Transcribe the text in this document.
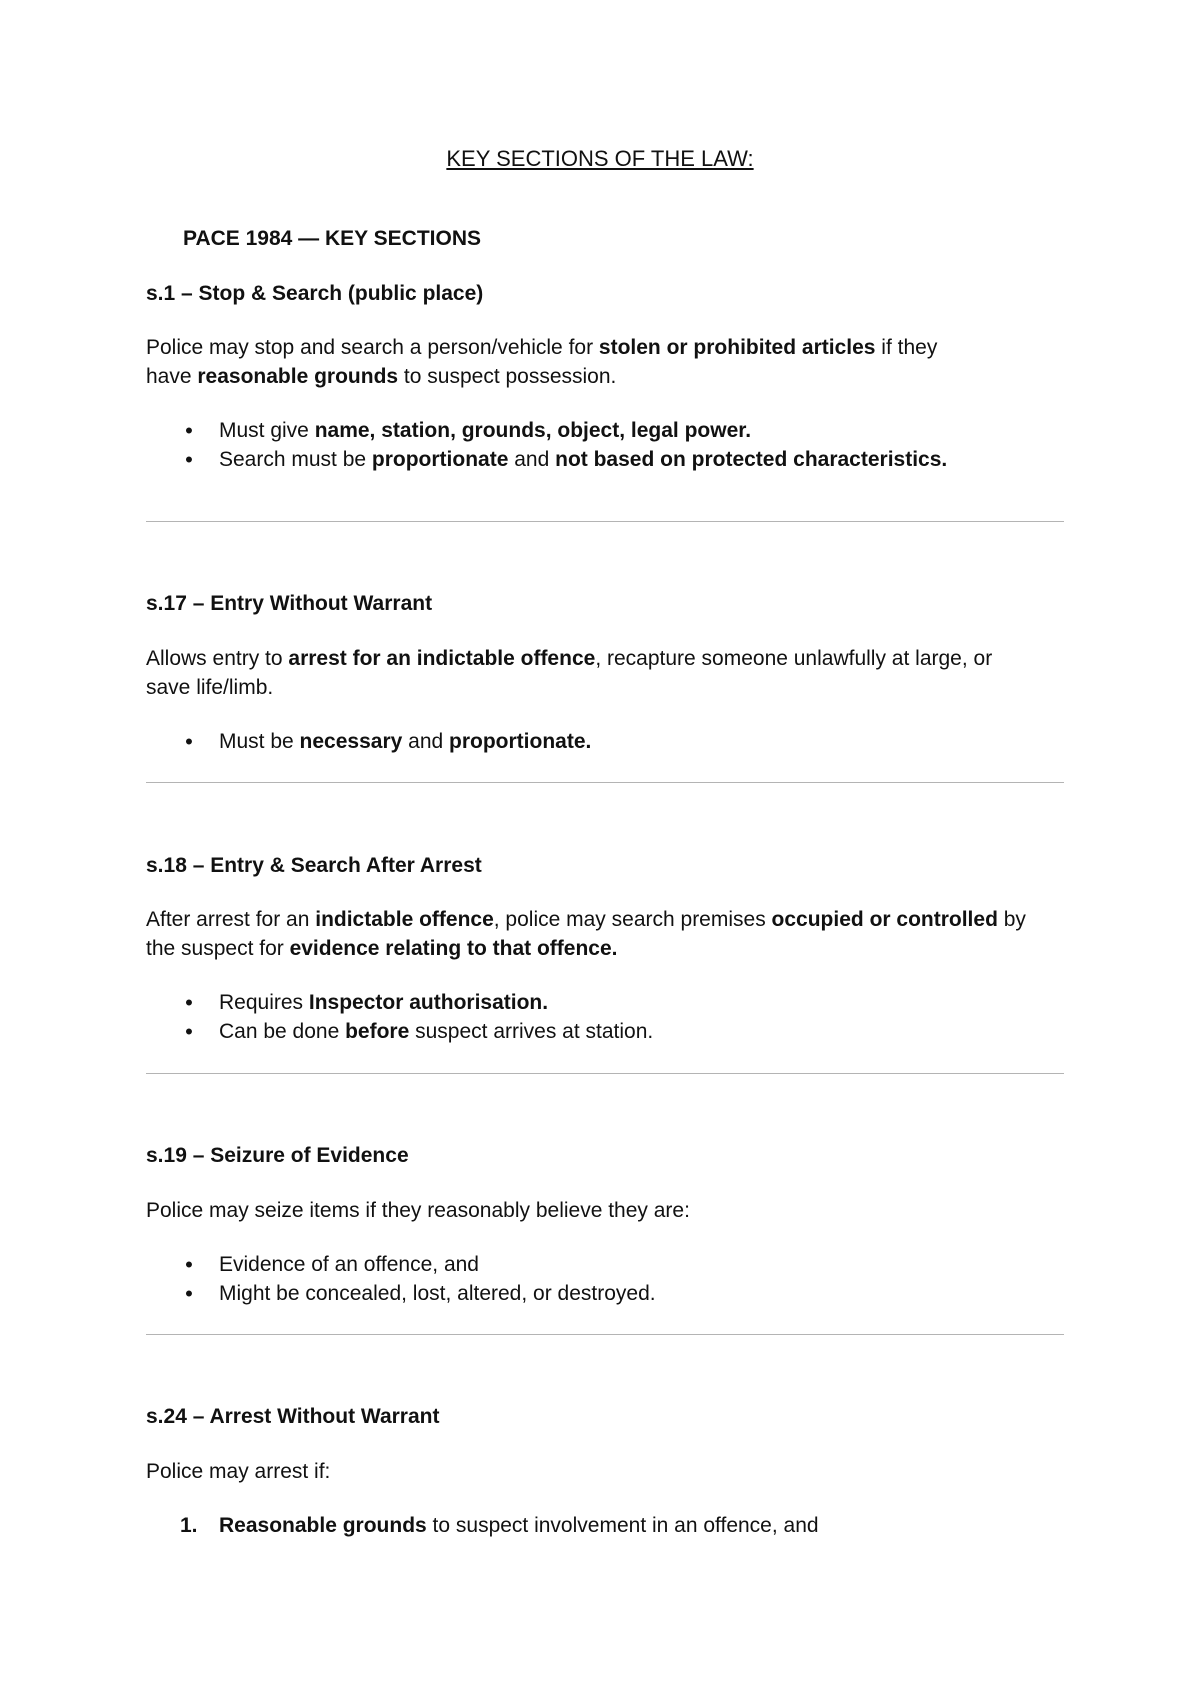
KEY SECTIONS OF THE LAW:
PACE 1984 — KEY SECTIONS
s.1 – Stop & Search (public place)
Police may stop and search a person/vehicle for stolen or prohibited articles if they
have reasonable grounds to suspect possession.
• Must give name, station, grounds, object, legal power.
• Search must be proportionate and not based on protected characteristics.
s.17 – Entry Without Warrant
Allows entry to arrest for an indictable offence, recapture someone unlawfully at large, or
save life/limb.
• Must be necessary and proportionate.
s.18 – Entry & Search After Arrest
After arrest for an indictable offence, police may search premises occupied or controlled by
the suspect for evidence relating to that offence.
• Requires Inspector authorisation.
• Can be done before suspect arrives at station.
s.19 – Seizure of Evidence
Police may seize items if they reasonably believe they are:
• Evidence of an offence, and
• Might be concealed, lost, altered, or destroyed.
s.24 – Arrest Without Warrant
Police may arrest if:
1. Reasonable grounds to suspect involvement in an offence, and
